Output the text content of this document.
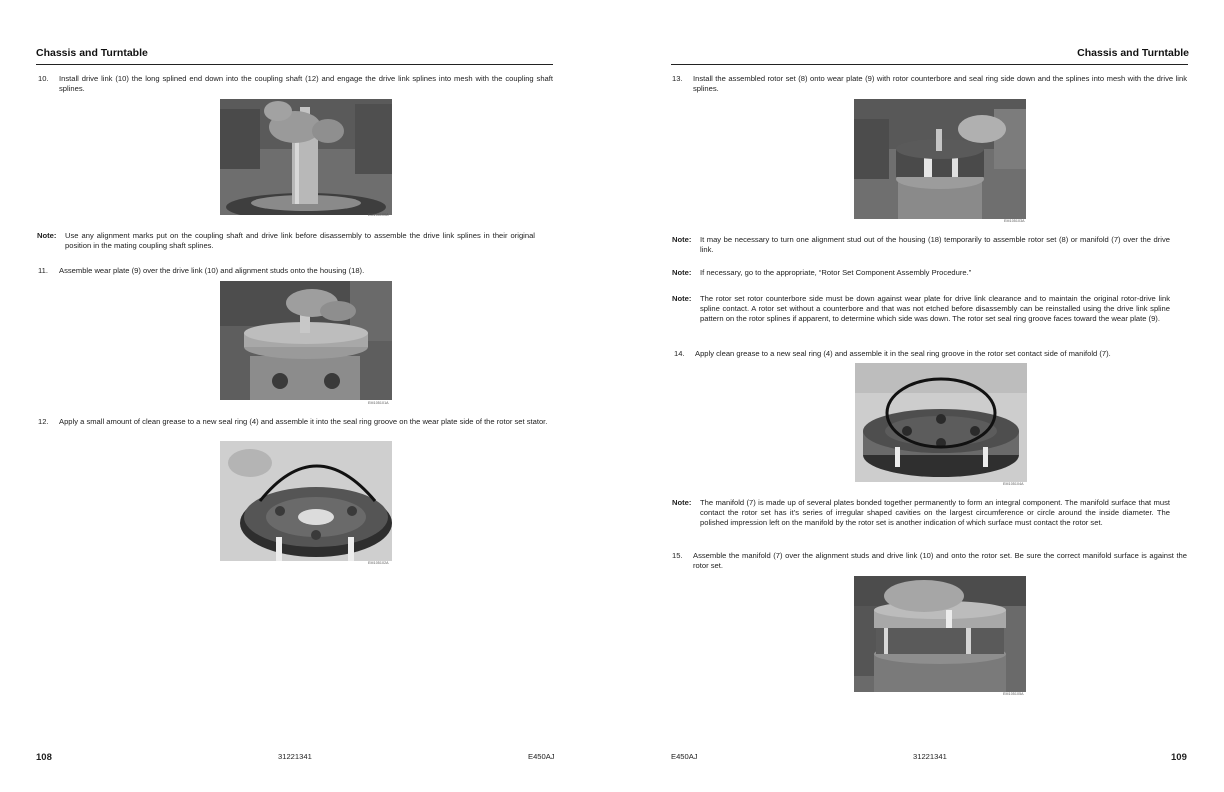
Chassis and Turntable
10.	Install drive link (10) the long splined end down into the coupling shaft (12) and engage the drive link splines into mesh with the coupling shaft splines.
EM105100A
Note: Use any alignment marks put on the coupling shaft and drive link before disassembly to assemble the drive link splines in their original position in the mating coupling shaft splines.
11.	Assemble wear plate (9) over the drive link (10) and alignment studs onto the housing (18).
EM105101A
12.	Apply a small amount of clean grease to a new seal ring (4) and assemble it into the seal ring groove on the wear plate side of the rotor set stator.
EM105102A
108	31221341	E450AJ
Chassis and Turntable
13.	Install the assembled rotor set (8) onto wear plate (9) with rotor counterbore and seal ring side down and the splines into mesh with the drive link splines.
EM105103A
Note: It may be necessary to turn one alignment stud out of the housing (18) temporarily to assemble rotor set (8) or manifold (7) over the drive link.
Note: If necessary, go to the appropriate, “Rotor Set Component Assembly Procedure.”
Note: The rotor set rotor counterbore side must be down against wear plate for drive link clearance and to maintain the original rotor-drive link spline contact. A rotor set without a counterbore and that was not etched before disassembly can be reinstalled using the drive link spline pattern on the rotor splines if apparent, to determine which side was down. The rotor set seal ring groove faces toward the wear plate (9).
14.	Apply clean grease to a new seal ring (4) and assemble it in the seal ring groove in the rotor set contact side of manifold (7).
EM105104A
Note: The manifold (7) is made up of several plates bonded together permanently to form an integral component. The manifold surface that must contact the rotor set has it’s series of irregular shaped cavities on the largest circumference or circle around the inside diameter. The polished impression left on the manifold by the rotor set is another indication of which surface must contact the rotor set.
15.	Assemble the manifold (7) over the alignment studs and drive link (10) and onto the rotor set. Be sure the correct manifold surface is against the rotor set.
EM105105A
E450AJ	31221341	109
